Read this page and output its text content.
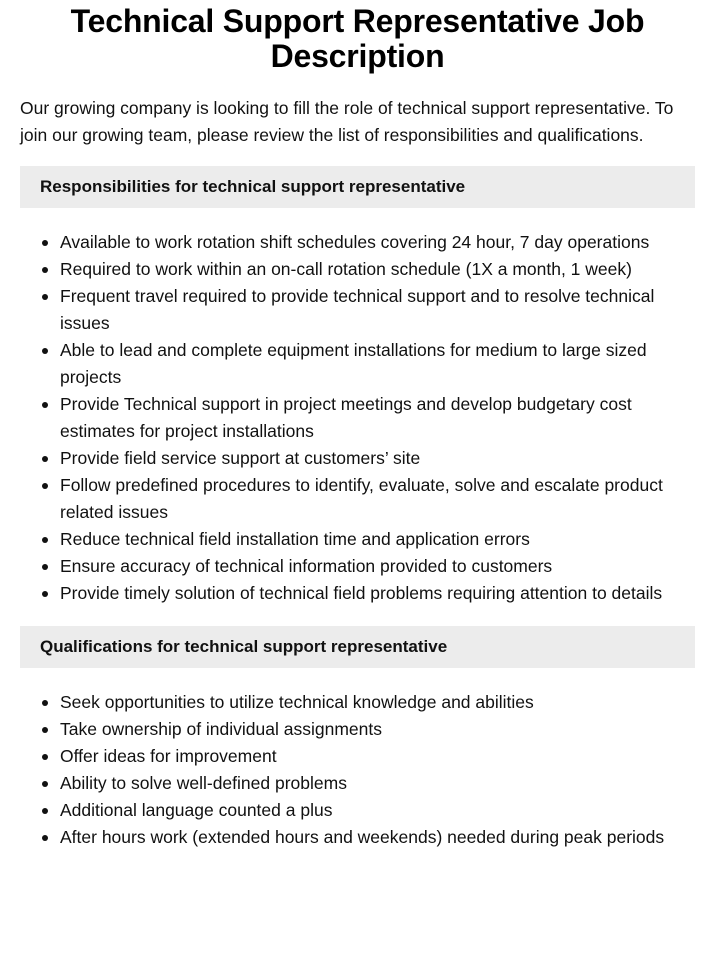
Technical Support Representative Job Description

Our growing company is looking to fill the role of technical support representative. To join our growing team, please review the list of responsibilities and qualifications.

Responsibilities for technical support representative
Available to work rotation shift schedules covering 24 hour, 7 day operations
Required to work within an on-call rotation schedule (1X a month, 1 week)
Frequent travel required to provide technical support and to resolve technical issues
Able to lead and complete equipment installations for medium to large sized projects
Provide Technical support in project meetings and develop budgetary cost estimates for project installations
Provide field service support at customers’ site
Follow predefined procedures to identify, evaluate, solve and escalate product related issues
Reduce technical field installation time and application errors
Ensure accuracy of technical information provided to customers
Provide timely solution of technical field problems requiring attention to details
Qualifications for technical support representative
Seek opportunities to utilize technical knowledge and abilities
Take ownership of individual assignments
Offer ideas for improvement
Ability to solve well-defined problems
Additional language counted a plus
After hours work (extended hours and weekends) needed during peak periods
